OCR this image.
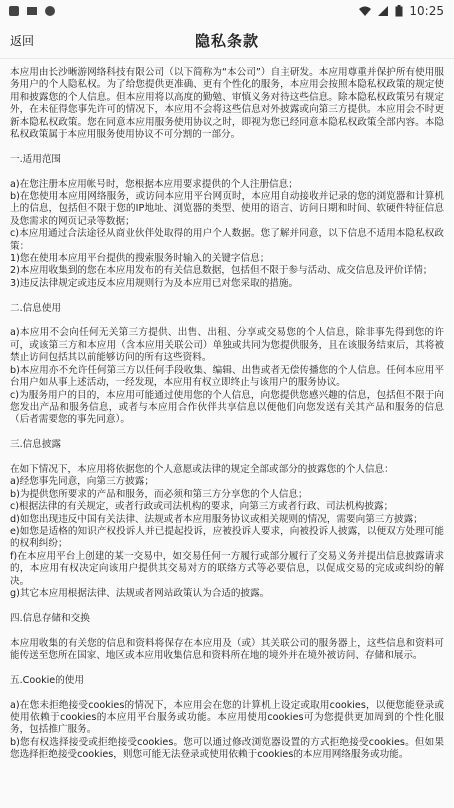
10:25
返回	隐私条款

本应用由长沙晰游网络科技有限公司（以下简称为“本公司”）自主研发。本应用尊重并保护所有使用服务用户的个人隐私权。为了给您提供更准确、更有个性化的服务，本应用会按照本隐私权政策的规定使用和披露您的个人信息。但本应用将以高度的勤勉、审慎义务对待这些信息。除本隐私权政策另有规定外，在未征得您事先许可的情况下，本应用不会将这些信息对外披露或向第三方提供。本应用会不时更新本隐私权政策。您在同意本应用服务使用协议之时，即视为您已经同意本隐私权政策全部内容。本隐私权政策属于本应用服务使用协议不可分割的一部分。

一.适用范围

a)在您注册本应用帐号时，您根据本应用要求提供的个人注册信息；
b)在您使用本应用网络服务，或访问本应用平台网页时，本应用自动接收并记录的您的浏览器和计算机上的信息，包括但不限于您的IP地址、浏览器的类型、使用的语言、访问日期和时间、软硬件特征信息及您需求的网页记录等数据；
c)本应用通过合法途径从商业伙伴处取得的用户个人数据。您了解并同意，以下信息不适用本隐私权政策：
1)您在使用本应用平台提供的搜索服务时输入的关键字信息；
2)本应用收集到的您在本应用发布的有关信息数据，包括但不限于参与活动、成交信息及评价详情；
3)违反法律规定或违反本应用规则行为及本应用已对您采取的措施。

二.信息使用

a)本应用不会向任何无关第三方提供、出售、出租、分享或交易您的个人信息，除非事先得到您的许可，或该第三方和本应用（含本应用关联公司）单独或共同为您提供服务，且在该服务结束后，其将被禁止访问包括其以前能够访问的所有这些资料。
b)本应用亦不允许任何第三方以任何手段收集、编辑、出售或者无偿传播您的个人信息。任何本应用平台用户如从事上述活动，一经发现，本应用有权立即终止与该用户的服务协议。
c)为服务用户的目的，本应用可能通过使用您的个人信息，向您提供您感兴趣的信息，包括但不限于向您发出产品和服务信息，或者与本应用合作伙伴共享信息以便他们向您发送有关其产品和服务的信息（后者需要您的事先同意）。

三.信息披露

在如下情况下，本应用将依据您的个人意愿或法律的规定全部或部分的披露您的个人信息：
a)经您事先同意，向第三方披露；
b)为提供您所要求的产品和服务，而必须和第三方分享您的个人信息；
c)根据法律的有关规定，或者行政或司法机构的要求，向第三方或者行政、司法机构披露；
d)如您出现违反中国有关法律、法规或者本应用服务协议或相关规则的情况，需要向第三方披露；
e)如您是适格的知识产权投诉人并已提起投诉，应被投诉人要求，向被投诉人披露，以便双方处理可能的权利纠纷；
f)在本应用平台上创建的某一交易中，如交易任何一方履行或部分履行了交易义务并提出信息披露请求的，本应用有权决定向该用户提供其交易对方的联络方式等必要信息，以促成交易的完成或纠纷的解决。
g)其它本应用根据法律、法规或者网站政策认为合适的披露。

四.信息存储和交换

本应用收集的有关您的信息和资料将保存在本应用及（或）其关联公司的服务器上，这些信息和资料可能传送至您所在国家、地区或本应用收集信息和资料所在地的境外并在境外被访问、存储和展示。

五.Cookie的使用

a)在您未拒绝接受cookies的情况下，本应用会在您的计算机上设定或取用cookies，以便您能登录或使用依赖于cookies的本应用平台服务或功能。本应用使用cookies可为您提供更加周到的个性化服务，包括推广服务。
b)您有权选择接受或拒绝接受cookies。您可以通过修改浏览器设置的方式拒绝接受cookies。但如果您选择拒绝接受cookies，则您可能无法登录或使用依赖于cookies的本应用网络服务或功能。
